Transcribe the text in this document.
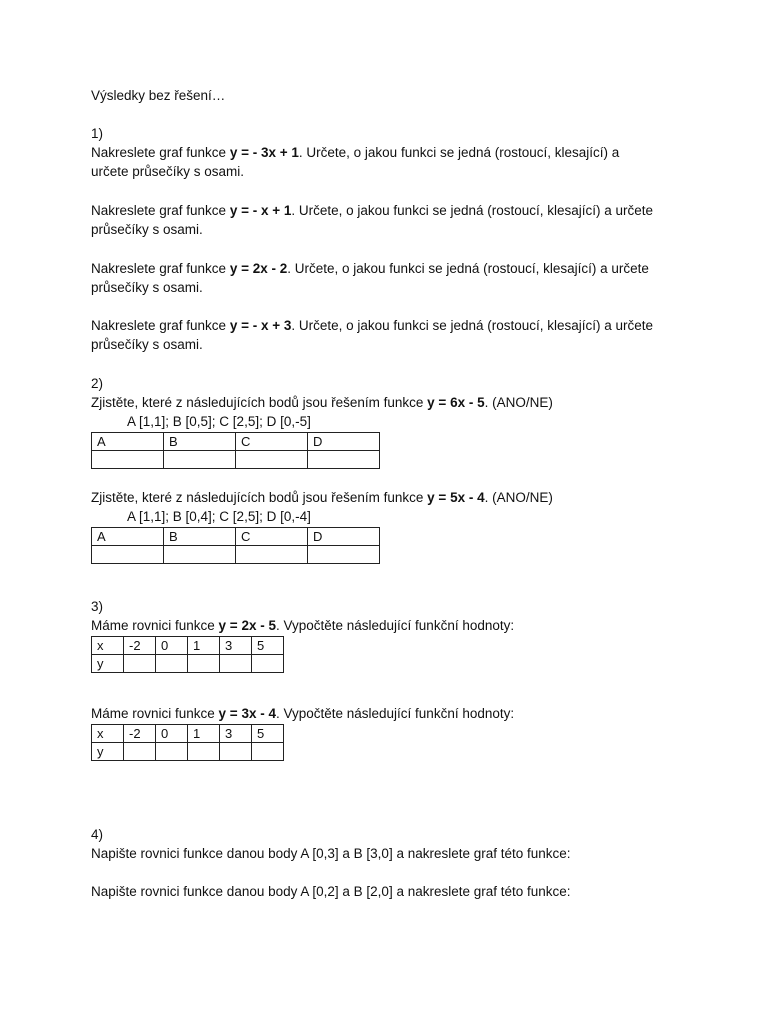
Výsledky bez řešení…
1)
Nakreslete graf funkce y = - 3x + 1. Určete, o jakou funkci se jedná (rostoucí, klesající) a
určete průsečíky s osami.
Nakreslete graf funkce y = - x + 1. Určete, o jakou funkci se jedná (rostoucí, klesající) a určete
průsečíky s osami.
Nakreslete graf funkce y = 2x - 2. Určete, o jakou funkci se jedná (rostoucí, klesající) a určete
průsečíky s osami.
Nakreslete graf funkce y = - x + 3. Určete, o jakou funkci se jedná (rostoucí, klesající) a určete
průsečíky s osami.
2)
Zjistěte, které z následujících bodů jsou řešením funkce y = 6x - 5. (ANO/NE)
A [1,1]; B [0,5]; C [2,5]; D [0,-5]
A	B	C	D

Zjistěte, které z následujících bodů jsou řešením funkce y = 5x - 4. (ANO/NE)
A [1,1]; B [0,4]; C [2,5]; D [0,-4]
A	B	C	D

3)
Máme rovnici funkce y = 2x - 5. Vypočtěte následující funkční hodnoty:
x	-2	0	1	3	5
y					
Máme rovnici funkce y = 3x - 4. Vypočtěte následující funkční hodnoty:
x	-2	0	1	3	5
y					
4)
Napište rovnici funkce danou body A [0,3] a B [3,0] a nakreslete graf této funkce:
Napište rovnici funkce danou body A [0,2] a B [2,0] a nakreslete graf této funkce:
